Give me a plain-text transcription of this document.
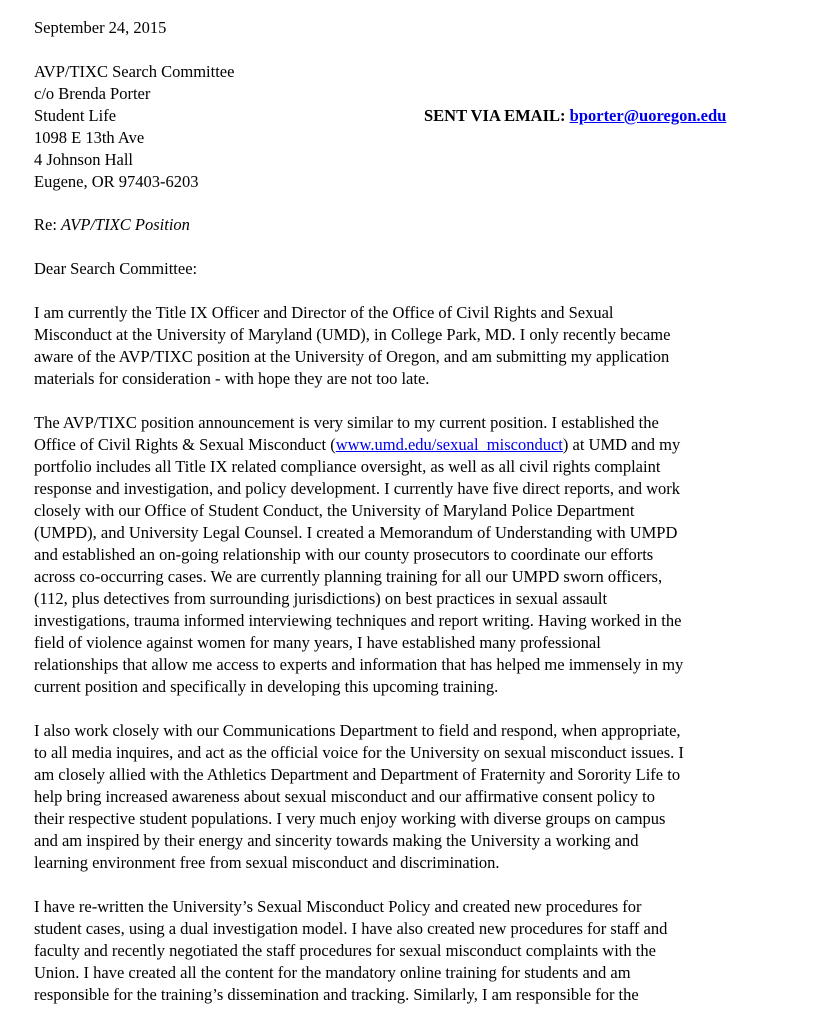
September 24, 2015
AVP/TIXC Search Committee
c/o Brenda Porter
Student Life
1098 E 13th Ave
4 Johnson Hall
Eugene, OR 97403-6203
SENT VIA EMAIL: bporter@uoregon.edu
Re: AVP/TIXC Position
Dear Search Committee:
I am currently the Title IX Officer and Director of the Office of Civil Rights and Sexual
Misconduct at the University of Maryland (UMD), in College Park, MD. I only recently became
aware of the AVP/TIXC position at the University of Oregon, and am submitting my application
materials for consideration - with hope they are not too late.
The AVP/TIXC position announcement is very similar to my current position. I established the
Office of Civil Rights & Sexual Misconduct (www.umd.edu/sexual_misconduct) at UMD and my
portfolio includes all Title IX related compliance oversight, as well as all civil rights complaint
response and investigation, and policy development. I currently have five direct reports, and work
closely with our Office of Student Conduct, the University of Maryland Police Department
(UMPD), and University Legal Counsel. I created a Memorandum of Understanding with UMPD
and established an on-going relationship with our county prosecutors to coordinate our efforts
across co-occurring cases. We are currently planning training for all our UMPD sworn officers,
(112, plus detectives from surrounding jurisdictions) on best practices in sexual assault
investigations, trauma informed interviewing techniques and report writing. Having worked in the
field of violence against women for many years, I have established many professional
relationships that allow me access to experts and information that has helped me immensely in my
current position and specifically in developing this upcoming training.
I also work closely with our Communications Department to field and respond, when appropriate,
to all media inquires, and act as the official voice for the University on sexual misconduct issues. I
am closely allied with the Athletics Department and Department of Fraternity and Sorority Life to
help bring increased awareness about sexual misconduct and our affirmative consent policy to
their respective student populations. I very much enjoy working with diverse groups on campus
and am inspired by their energy and sincerity towards making the University a working and
learning environment free from sexual misconduct and discrimination.
I have re-written the University’s Sexual Misconduct Policy and created new procedures for
student cases, using a dual investigation model. I have also created new procedures for staff and
faculty and recently negotiated the staff procedures for sexual misconduct complaints with the
Union. I have created all the content for the mandatory online training for students and am
responsible for the training’s dissemination and tracking. Similarly, I am responsible for the
